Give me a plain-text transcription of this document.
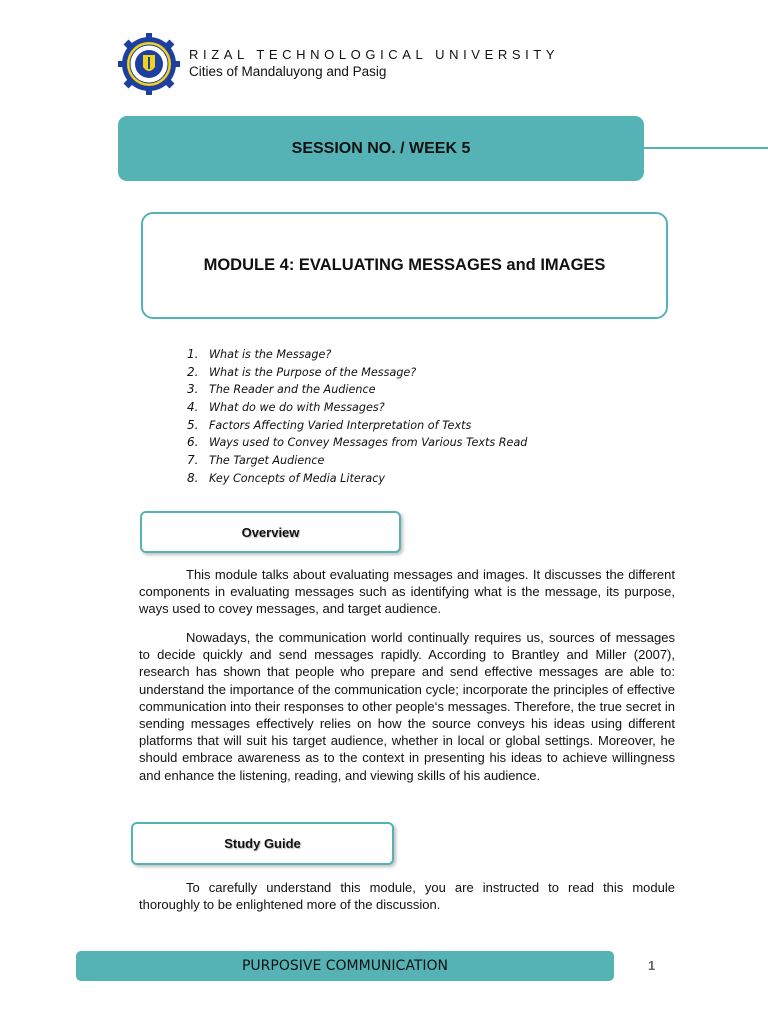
RIZAL TECHNOLOGICAL UNIVERSITY
Cities of Mandaluyong and Pasig
SESSION NO. / WEEK 5
MODULE 4: EVALUATING MESSAGES and IMAGES
1. What is the Message?
2. What is the Purpose of the Message?
3. The Reader and the Audience
4. What do we do with Messages?
5. Factors Affecting Varied Interpretation of Texts
6. Ways used to Convey Messages from Various Texts Read
7. The Target Audience
8. Key Concepts of Media Literacy
Overview

This module talks about evaluating messages and images. It discusses the different components in evaluating messages such as identifying what is the message, its purpose, ways used to covey messages, and target audience.

Nowadays, the communication world continually requires us, sources of messages to decide quickly and send messages rapidly. According to Brantley and Miller (2007), research has shown that people who prepare and send effective messages are able to: understand the importance of the communication cycle; incorporate the principles of effective communication into their responses to other people‘s messages. Therefore, the true secret in sending messages effectively relies on how the source conveys his ideas using different platforms that will suit his target audience, whether in local or global settings. Moreover, he should embrace awareness as to the context in presenting his ideas to achieve willingness and enhance the listening, reading, and viewing skills of his audience.

Study Guide

To carefully understand this module, you are instructed to read this module thoroughly to be enlightened more of the discussion.

PURPOSIVE COMMUNICATION	1
